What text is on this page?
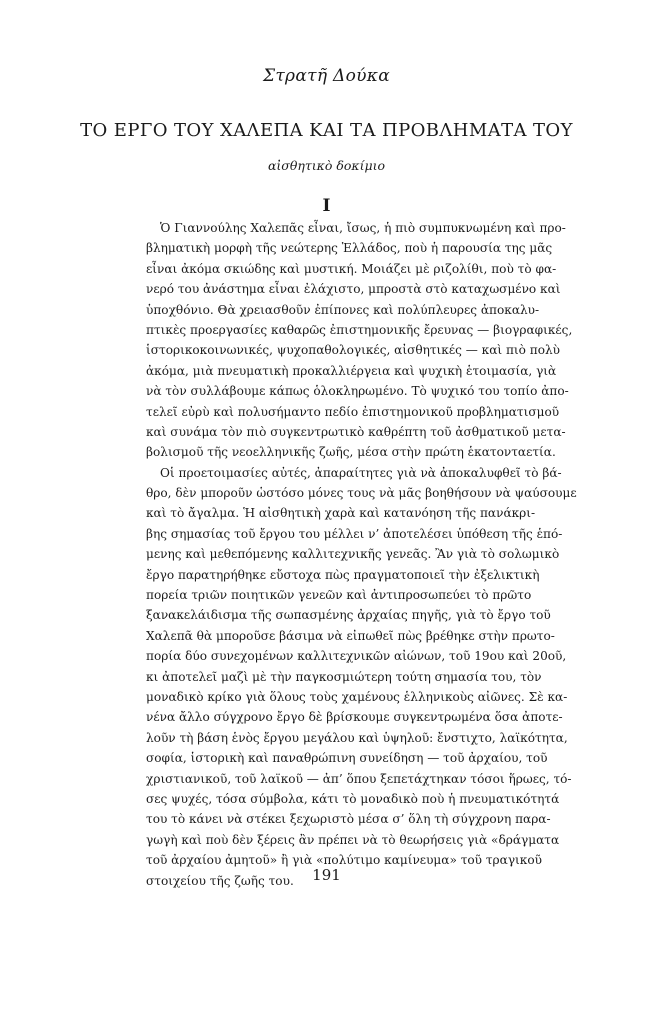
Στρατῆ Δούκα
ΤΟ ΕΡΓΟ ΤΟΥ ΧΑΛΕΠΑ ΚΑΙ ΤΑ ΠΡΟΒΛΗΜΑΤΑ ΤΟΥ
αἰσθητικὸ δοκίμιο
I
Ὁ Γιαννούλης Χαλεπᾶς εἶναι, ἴσως, ἡ πιὸ συμπυκνωμένη καὶ προ-
βληματικὴ μορφὴ τῆς νεώτερης Ἑλλάδος, ποὺ ἡ παρουσία της μᾶς
εἶναι ἀκόμα σκιώδης καὶ μυστική. Μοιάζει μὲ ριζολίθι, ποὺ τὸ φα-
νερό του ἀνάστημα εἶναι ἐλάχιστο, μπροστὰ στὸ καταχωσμένο καὶ
ὑποχθόνιο. Θὰ χρειασθοῦν ἐπίπονες καὶ πολύπλευρες ἀποκαλυ-
πτικὲς προεργασίες καθαρῶς ἐπιστημονικῆς ἔρευνας — βιογραφικές,
ἱστορικοκοινωνικές, ψυχοπαθολογικές, αἰσθητικές — καὶ πιὸ πολὺ
ἀκόμα, μιὰ πνευματικὴ προκαλλιέργεια καὶ ψυχικὴ ἑτοιμασία, γιὰ
νὰ τὸν συλλάβουμε κάπως ὁλοκληρωμένο. Τὸ ψυχικό του τοπίο ἀπο-
τελεῖ εὐρὺ καὶ πολυσήμαντο πεδίο ἐπιστημονικοῦ προβληματισμοῦ
καὶ συνάμα τὸν πιὸ συγκεντρωτικὸ καθρέπτη τοῦ ἀσθματικοῦ μετα-
βολισμοῦ τῆς νεοελληνικῆς ζωῆς, μέσα στὴν πρώτη ἑκατονταετία.
Οἱ προετοιμασίες αὐτές, ἀπαραίτητες γιὰ νὰ ἀποκαλυφθεῖ τὸ βά-
θρο, δὲν μποροῦν ὡστόσο μόνες τους νὰ μᾶς βοηθήσουν νὰ ψαύσουμε
καὶ τὸ ἄγαλμα. Ἡ αἰσθητικὴ χαρὰ καὶ κατανόηση τῆς πανάκρι-
βης σημασίας τοῦ ἔργου του μέλλει ν’ ἀποτελέσει ὑπόθεση τῆς ἑπό-
μενης καὶ μεθεπόμενης καλλιτεχνικῆς γενεᾶς. Ἂν γιὰ τὸ σολωμικὸ
ἔργο παρατηρήθηκε εὔστοχα πὼς πραγματοποιεῖ τὴν ἐξελικτικὴ
πορεία τριῶν ποιητικῶν γενεῶν καὶ ἀντιπροσωπεύει τὸ πρῶτο
ξανακελάιδισμα τῆς σωπασμένης ἀρχαίας πηγῆς, γιὰ τὸ ἔργο τοῦ
Χαλεπᾶ θὰ μποροῦσε βάσιμα νὰ εἰπωθεῖ πὼς βρέθηκε στὴν πρωτο-
πορία δύο συνεχομένων καλλιτεχνικῶν αἰώνων, τοῦ 19ου καὶ 20οῦ,
κι ἀποτελεῖ μαζὶ μὲ τὴν παγκοσμιώτερη τούτη σημασία του, τὸν
μοναδικὸ κρίκο γιὰ ὅλους τοὺς χαμένους ἑλληνικοὺς αἰῶνες. Σὲ κα-
νένα ἄλλο σύγχρονο ἔργο δὲ βρίσκουμε συγκεντρωμένα ὅσα ἀποτε-
λοῦν τὴ βάση ἑνὸς ἔργου μεγάλου καὶ ὑψηλοῦ: ἔνστιχτο, λαϊκότητα,
σοφία, ἱστορικὴ καὶ παναθρώπινη συνείδηση — τοῦ ἀρχαίου, τοῦ
χριστιανικοῦ, τοῦ λαϊκοῦ — ἀπ’ ὅπου ξεπετάχτηκαν τόσοι ἥρωες, τό-
σες ψυχές, τόσα σύμβολα, κάτι τὸ μοναδικὸ ποὺ ἡ πνευματικότητά
του τὸ κάνει νὰ στέκει ξεχωριστὸ μέσα σ’ ὅλη τὴ σύγχρονη παρα-
γωγὴ καὶ ποὺ δὲν ξέρεις ἂν πρέπει νὰ τὸ θεωρήσεις γιὰ «δράγματα
τοῦ ἀρχαίου ἀμητοῦ» ἢ γιὰ «πολύτιμο καμίνευμα» τοῦ τραγικοῦ
στοιχείου τῆς ζωῆς του.	191
